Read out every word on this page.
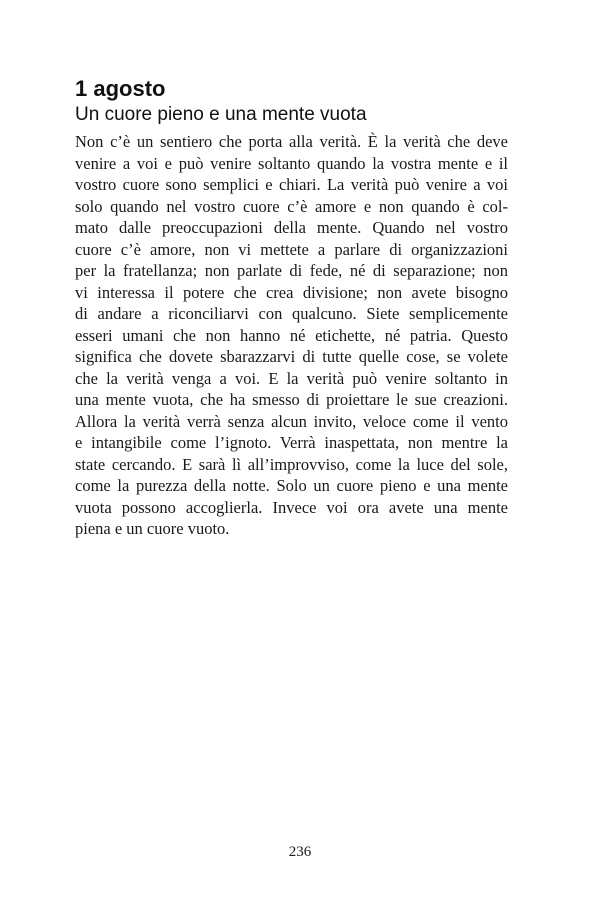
1 agosto
Un cuore pieno e una mente vuota
Non c’è un sentiero che porta alla verità. È la verità che deve
venire a voi e può venire soltanto quando la vostra mente e il
vostro cuore sono semplici e chiari. La verità può venire a voi
solo quando nel vostro cuore c’è amore e non quando è col-
mato dalle preoccupazioni della mente. Quando nel vostro
cuore c’è amore, non vi mettete a parlare di organizzazioni
per la fratellanza; non parlate di fede, né di separazione; non
vi interessa il potere che crea divisione; non avete bisogno
di andare a riconciliarvi con qualcuno. Siete semplicemente
esseri umani che non hanno né etichette, né patria. Questo
significa che dovete sbarazzarvi di tutte quelle cose, se volete
che la verità venga a voi. E la verità può venire soltanto in
una mente vuota, che ha smesso di proiettare le sue creazioni.
Allora la verità verrà senza alcun invito, veloce come il vento
e intangibile come l’ignoto. Verrà inaspettata, non mentre la
state cercando. E sarà lì all’improvviso, come la luce del sole,
come la purezza della notte. Solo un cuore pieno e una mente
vuota possono accoglierla. Invece voi ora avete una mente
piena e un cuore vuoto.
236
